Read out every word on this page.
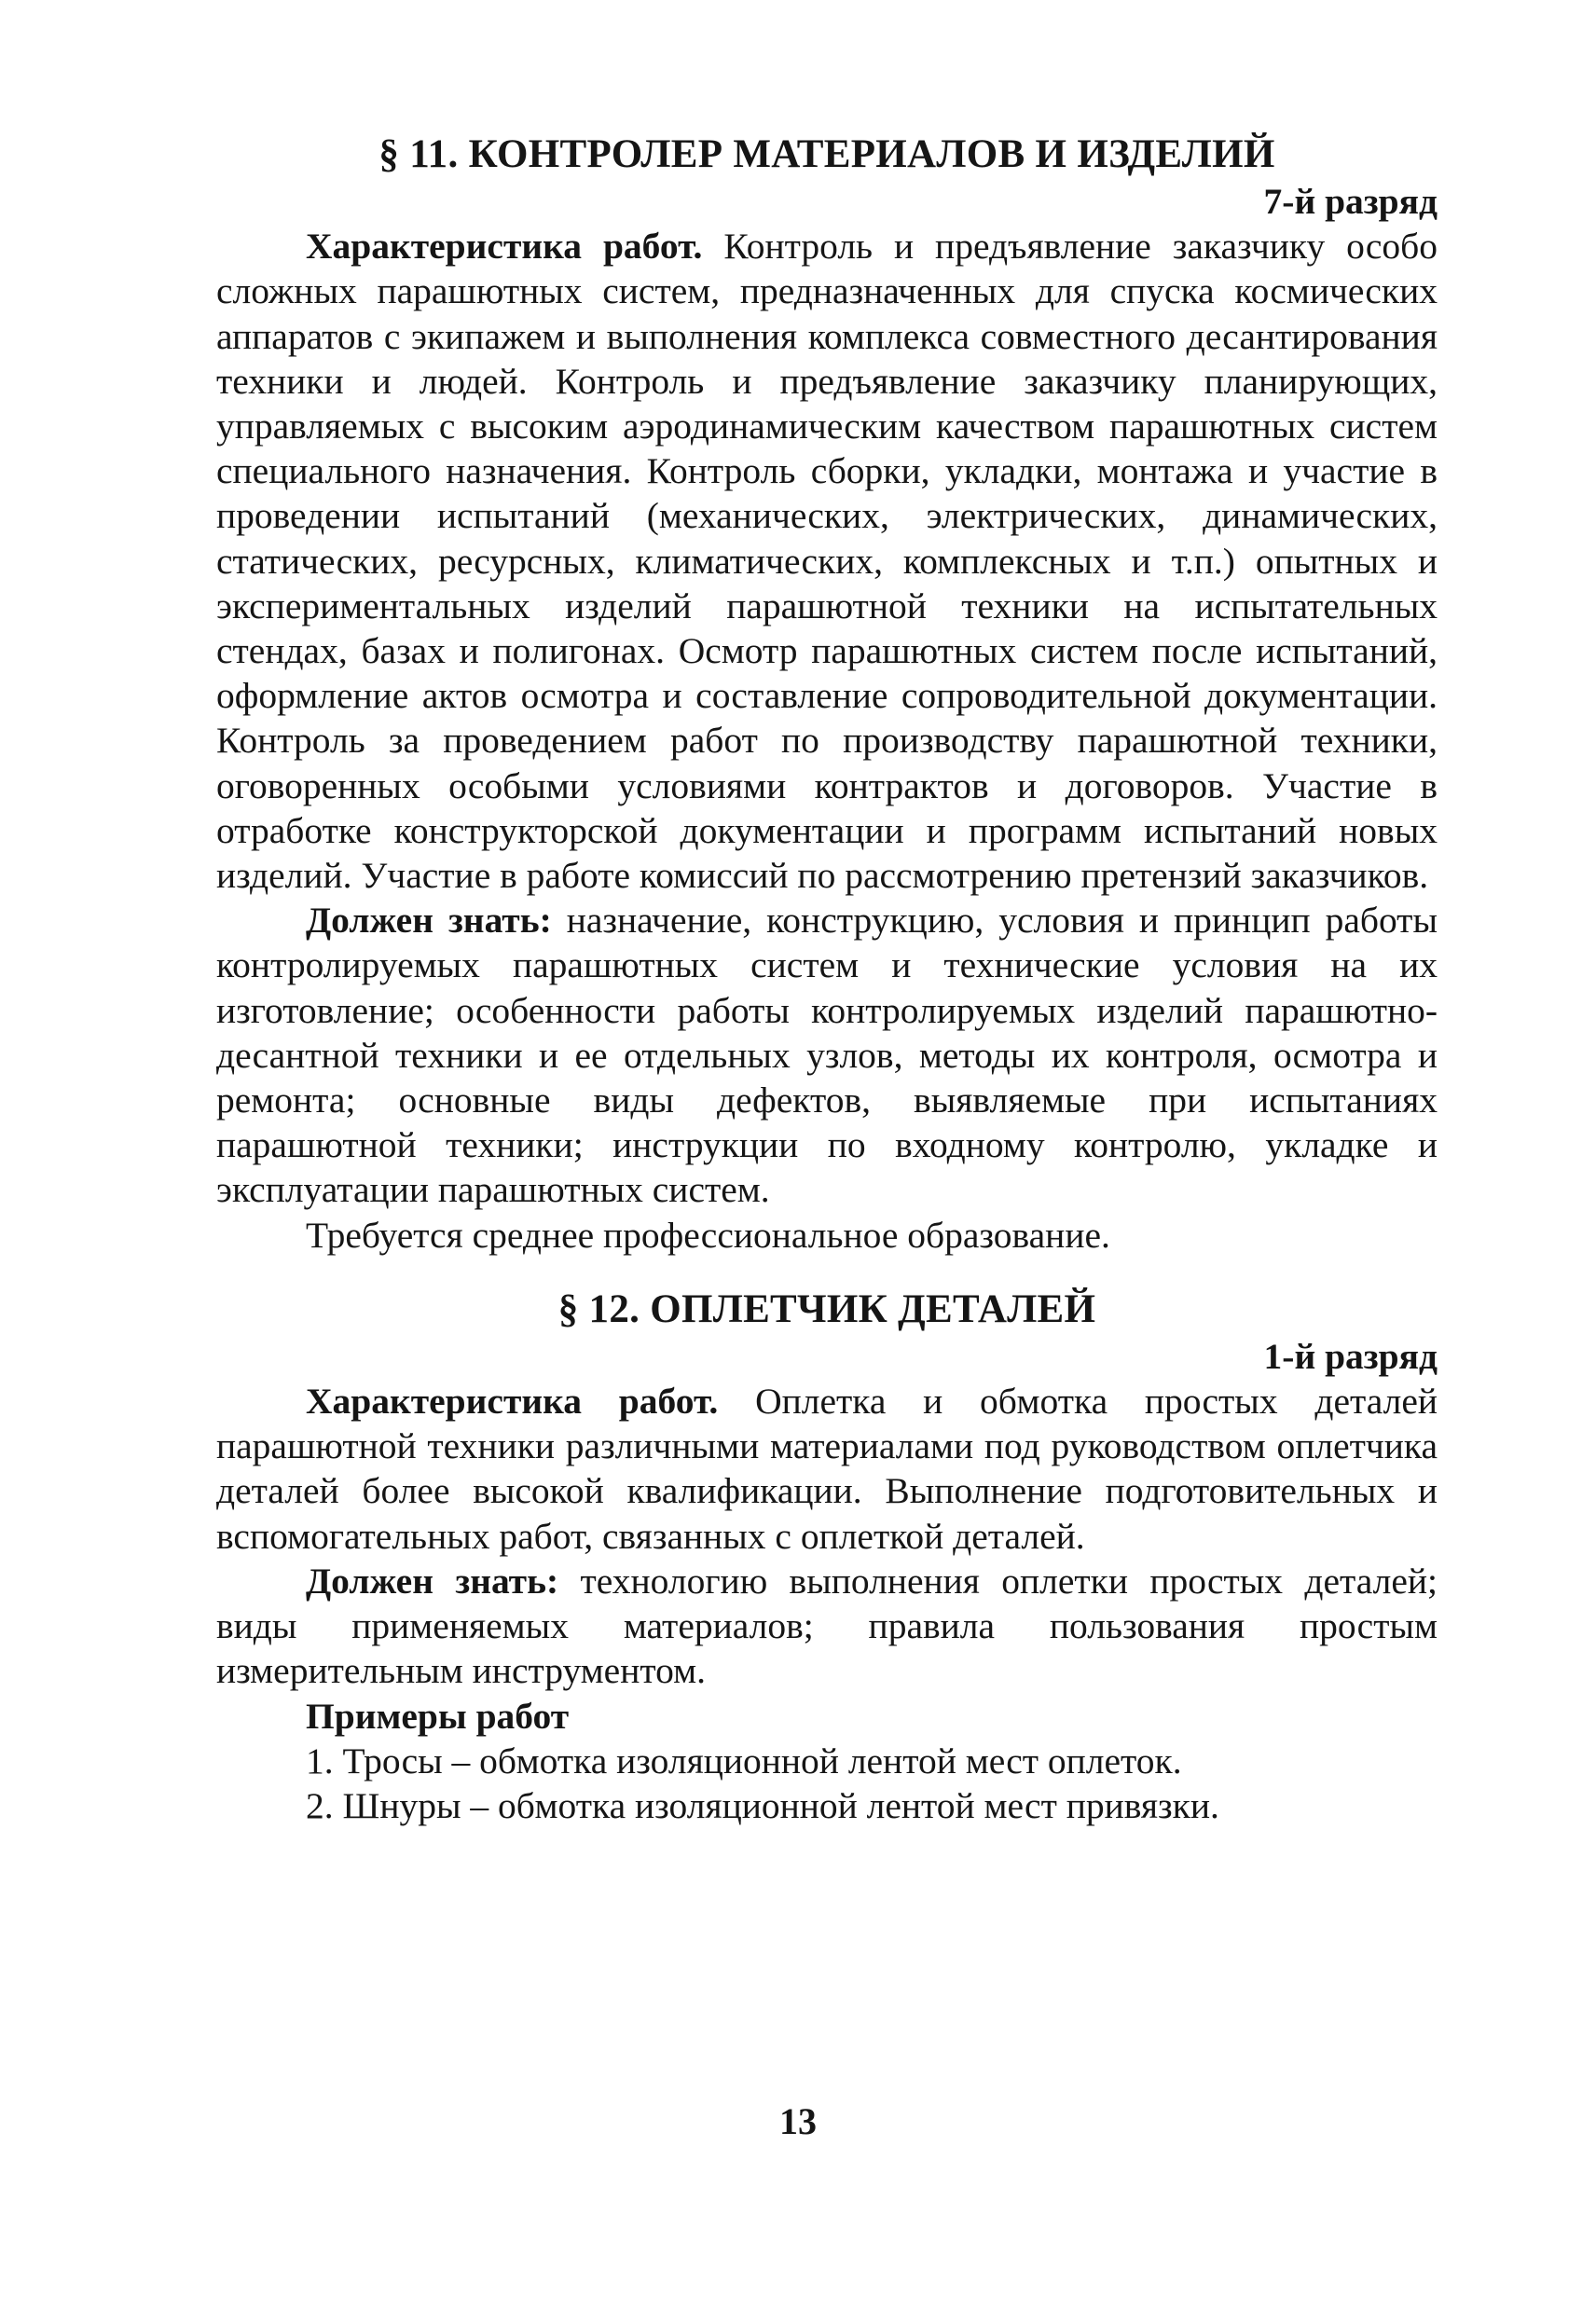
§ 11. КОНТРОЛЕР МАТЕРИАЛОВ И ИЗДЕЛИЙ
7-й разряд

Характеристика работ. Контроль и предъявление заказчику особо сложных парашютных систем, предназначенных для спуска космических аппаратов с экипажем и выполнения комплекса совместного десантирования техники и людей. Контроль и предъявление заказчику планирующих, управляемых с высоким аэродинамическим качеством парашютных систем специального назначения. Контроль сборки, укладки, монтажа и участие в проведении испытаний (механических, электрических, динамических, статических, ресурсных, климатических, комплексных и т.п.) опытных и экспериментальных изделий парашютной техники на испытательных стендах, базах и полигонах. Осмотр парашютных систем после испытаний, оформление актов осмотра и составление сопроводительной документации. Контроль за проведением работ по производству парашютной техники, оговоренных особыми условиями контрактов и договоров. Участие в отработке конструкторской документации и программ испытаний новых изделий. Участие в работе комиссий по рассмотрению претензий заказчиков.

Должен знать: назначение, конструкцию, условия и принцип работы контролируемых парашютных систем и технические условия на их изготовление; особенности работы контролируемых изделий парашютно-десантной техники и ее отдельных узлов, методы их контроля, осмотра и ремонта; основные виды дефектов, выявляемые при испытаниях парашютной техники; инструкции по входному контролю, укладке и эксплуатации парашютных систем.

Требуется среднее профессиональное образование.

§ 12. ОПЛЕТЧИК ДЕТАЛЕЙ
1-й разряд

Характеристика работ. Оплетка и обмотка простых деталей парашютной техники различными материалами под руководством оплетчика деталей более высокой квалификации. Выполнение подготовительных и вспомогательных работ, связанных с оплеткой деталей.

Должен знать: технологию выполнения оплетки простых деталей; виды применяемых материалов; правила пользования простым измерительным инструментом.

Примеры работ

1. Тросы – обмотка изоляционной лентой мест оплеток.

2. Шнуры – обмотка изоляционной лентой мест привязки.

13
